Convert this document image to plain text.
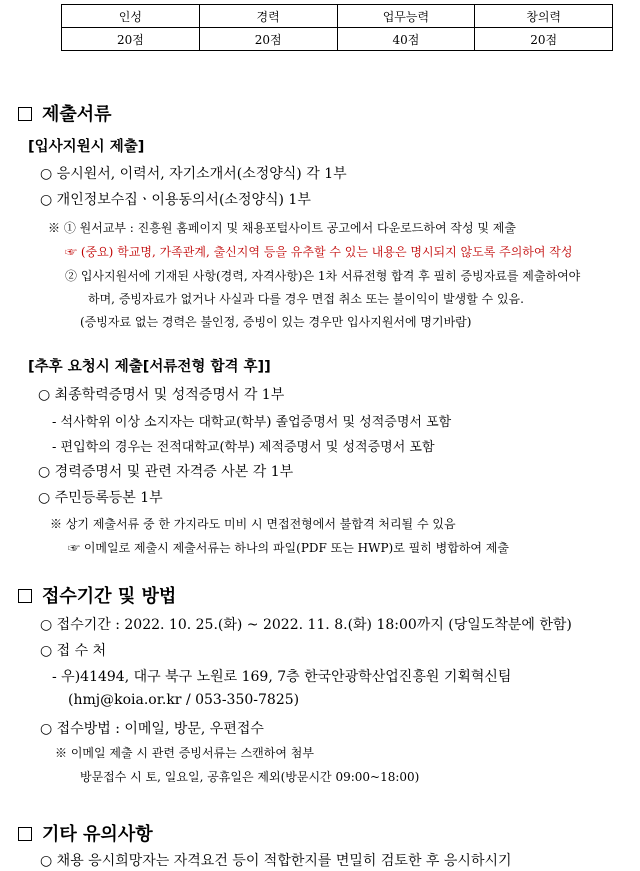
인성	경력	업무능력	창의력
20점	20점	40점	20점
제출서류
[입사지원시 제출]
○ 응시원서, 이력서, 자기소개서(소정양식) 각 1부
○ 개인정보수집ㆍ이용동의서(소정양식) 1부
※ ① 원서교부 : 진흥원 홈페이지 및 채용포털사이트 공고에서 다운로드하여 작성 및 제출
☞ (중요) 학교명, 가족관계, 출신지역 등을 유추할 수 있는 내용은 명시되지 않도록 주의하여 작성
② 입사지원서에 기재된 사항(경력, 자격사항)은 1차 서류전형 합격 후 필히 증빙자료를 제출하여야
하며, 증빙자료가 없거나 사실과 다를 경우 면접 취소 또는 불이익이 발생할 수 있음.
(증빙자료 없는 경력은 불인정, 증빙이 있는 경우만 입사지원서에 명기바람)
[추후 요청시 제출[서류전형 합격 후]]
○ 최종학력증명서 및 성적증명서 각 1부
- 석사학위 이상 소지자는 대학교(학부) 졸업증명서 및 성적증명서 포함
- 편입학의 경우는 전적대학교(학부) 제적증명서 및 성적증명서 포함
○ 경력증명서 및 관련 자격증 사본 각 1부
○ 주민등록등본 1부
※ 상기 제출서류 중 한 가지라도 미비 시 면접전형에서 불합격 처리될 수 있음
☞ 이메일로 제출시 제출서류는 하나의 파일(PDF 또는 HWP)로 필히 병합하여 제출
접수기간 및 방법
○ 접수기간 : 2022. 10. 25.(화) ~ 2022. 11. 8.(화) 18:00까지 (당일도착분에 한함)
○ 접 수 처
- 우)41494, 대구 북구 노원로 169, 7층 한국안광학산업진흥원 기획혁신팀
(hmj@koia.or.kr / 053-350-7825)
○ 접수방법 : 이메일, 방문, 우편접수
※ 이메일 제출 시 관련 증빙서류는 스캔하여 첨부
방문접수 시 토, 일요일, 공휴일은 제외(방문시간 09:00~18:00)
기타 유의사항
○ 채용 응시희망자는 자격요건 등이 적합한지를 면밀히 검토한 후 응시하시기
